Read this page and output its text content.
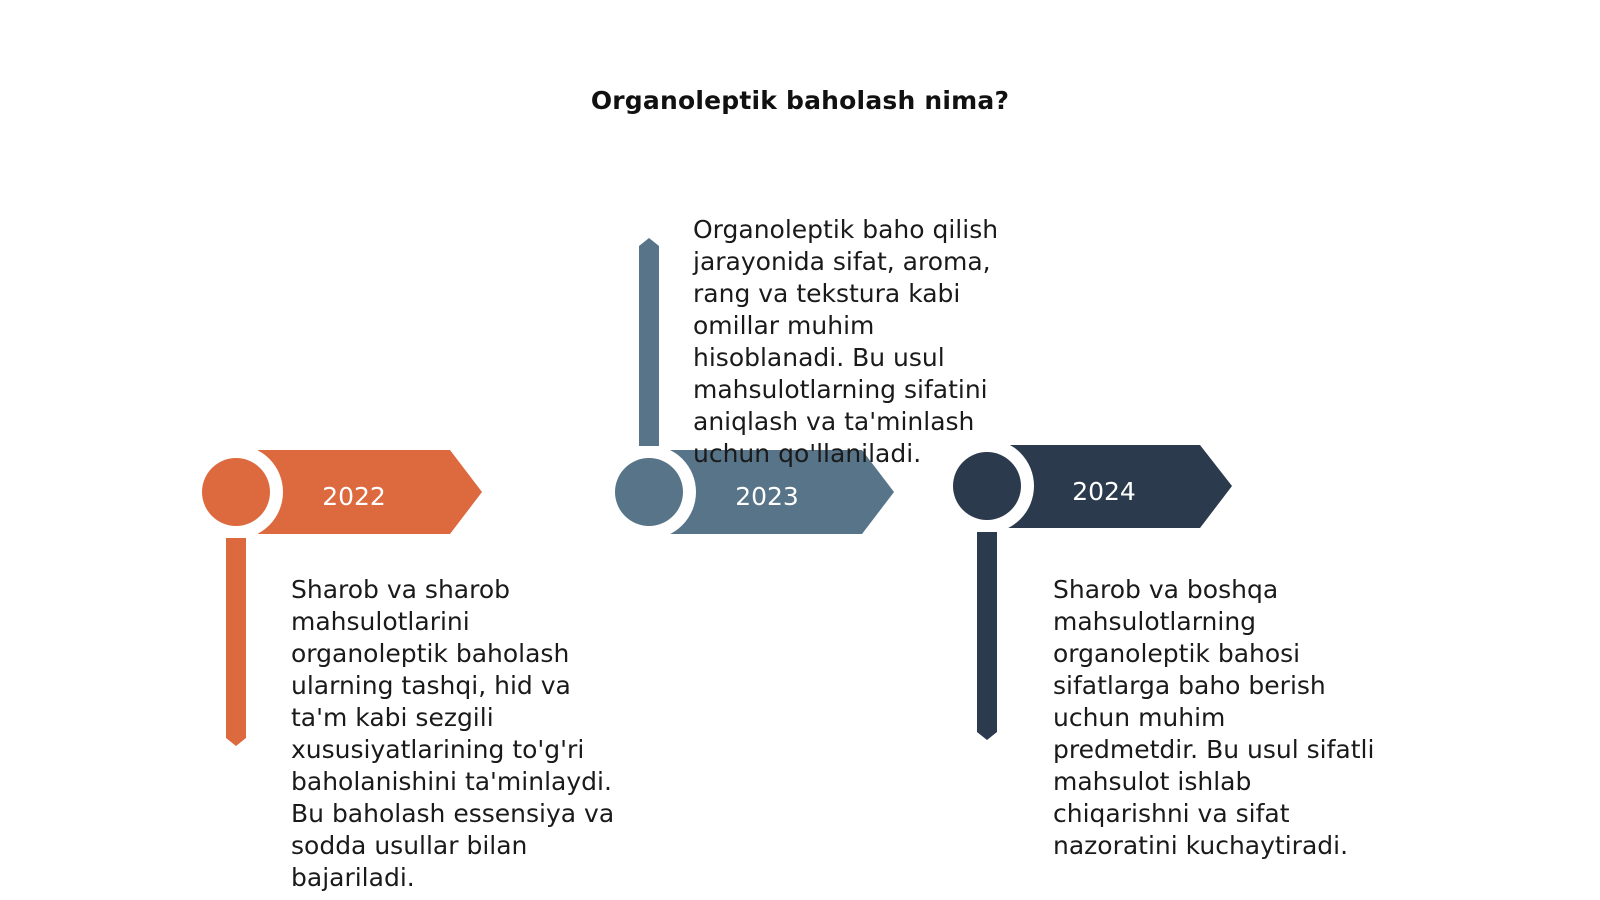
Organoleptik baholash nima?
2022	2023	2024
Sharob va sharob
mahsulotlarini
organoleptik baholash
ularning tashqi, hid va
ta'm kabi sezgili
xususiyatlarining to'g'ri
baholanishini ta'minlaydi.
Bu baholash essensiya va
sodda usullar bilan
bajariladi.
Organoleptik baho qilish
jarayonida sifat, aroma,
rang va tekstura kabi
omillar muhim
hisoblanadi. Bu usul
mahsulotlarning sifatini
aniqlash va ta'minlash
uchun qo'llaniladi.
Sharob va boshqa
mahsulotlarning
organoleptik bahosi
sifatlarga baho berish
uchun muhim
predmetdir. Bu usul sifatli
mahsulot ishlab
chiqarishni va sifat
nazoratini kuchaytiradi.
